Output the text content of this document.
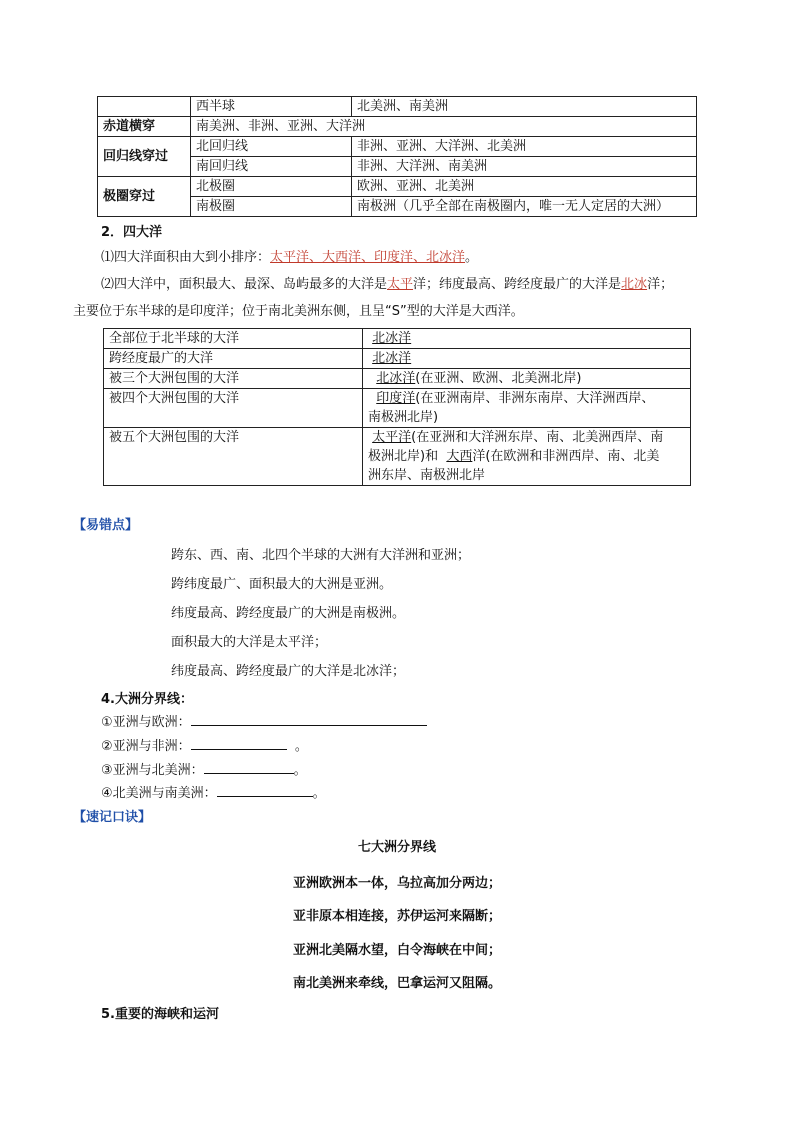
	西半球	北美洲、南美洲
赤道横穿	南美洲、非洲、亚洲、大洋洲	
回归线穿过	北回归线	非洲、亚洲、大洋洲、北美洲
	南回归线	非洲、大洋洲、南美洲
极圈穿过	北极圈	欧洲、亚洲、北美洲
	南极圈	南极洲（几乎全部在南极圈内，唯一无人定居的大洲）
2．四大洋
⑴四大洋面积由大到小排序：太平洋、大西洋、印度洋、北冰洋。
⑵四大洋中，面积最大、最深、岛屿最多的大洋是太平洋；纬度最高、跨经度最广的大洋是北冰洋；
主要位于东半球的是印度洋；位于南北美洲东侧，且呈“S”型的大洋是大西洋。
全部位于北半球的大洋	北冰洋
跨经度最广的大洋	北冰洋
被三个大洲包围的大洋	北冰洋(在亚洲、欧洲、北美洲北岸)
被四个大洲包围的大洋	印度洋(在亚洲南岸、非洲东南岸、大洋洲西岸、
南极洲北岸)
被五个大洲包围的大洋	太平洋(在亚洲和大洋洲东岸、南、北美洲西岸、南
极洲北岸)和 大西洋(在欧洲和非洲西岸、南、北美
洲东岸、南极洲北岸
【易错点】
跨东、西、南、北四个半球的大洲有大洋洲和亚洲；
跨纬度最广、面积最大的大洲是亚洲。
纬度最高、跨经度最广的大洲是南极洲。
面积最大的大洋是太平洋；
纬度最高、跨经度最广的大洋是北冰洋；
4.大洲分界线：
①亚洲与欧洲：
②亚洲与非洲：	。
③亚洲与北美洲：	。
④北美洲与南美洲：	。
【速记口诀】
七大洲分界线
亚洲欧洲本一体，乌拉高加分两边；
亚非原本相连接，苏伊运河来隔断；
亚洲北美隔水望，白令海峡在中间；
南北美洲来牵线，巴拿运河又阻隔。
5.重要的海峡和运河
